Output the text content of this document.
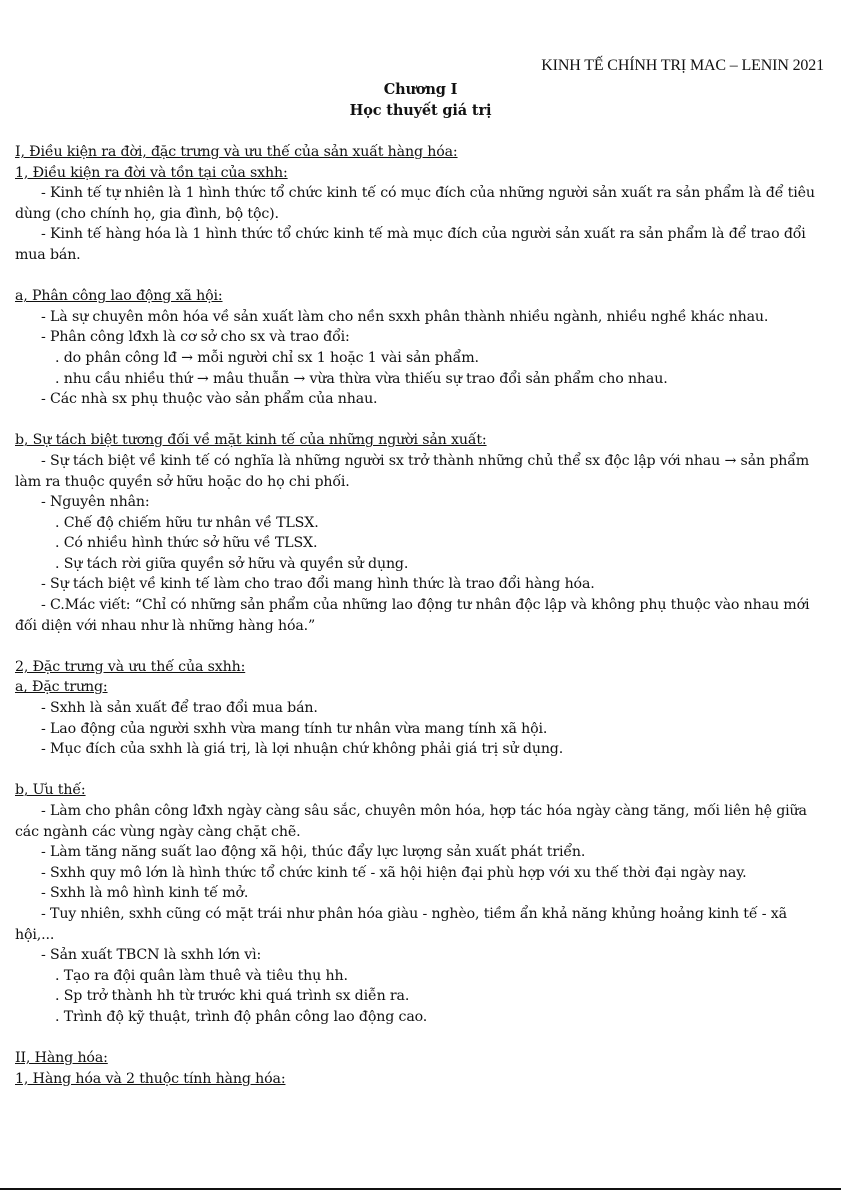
KINH TẾ CHÍNH TRỊ MAC – LENIN 2021
Chương I
Học thuyết giá trị

I, Điều kiện ra đời, đặc trưng và ưu thế của sản xuất hàng hóa:

1, Điều kiện ra đời và tồn tại của sxhh:

- Kinh tế tự nhiên là 1 hình thức tổ chức kinh tế có mục đích của những người sản xuất ra sản phẩm là để tiêu dùng (cho chính họ, gia đình, bộ tộc).

- Kinh tế hàng hóa là 1 hình thức tổ chức kinh tế mà mục đích của người sản xuất ra sản phẩm là để trao đổi mua bán.

a, Phân công lao động xã hội:

- Là sự chuyên môn hóa về sản xuất làm cho nền sxxh phân thành nhiều ngành, nhiều nghề khác nhau.

- Phân công lđxh là cơ sở cho sx và trao đổi:

. do phân công lđ → mỗi người chỉ sx 1 hoặc 1 vài sản phẩm.

. nhu cầu nhiều thứ → mâu thuẫn → vừa thừa vừa thiếu sự trao đổi sản phẩm cho nhau.

- Các nhà sx phụ thuộc vào sản phẩm của nhau.

b, Sự tách biệt tương đối về mặt kinh tế của những người sản xuất:

- Sự tách biệt về kinh tế có nghĩa là những người sx trở thành những chủ thể sx độc lập với nhau → sản phẩm làm ra thuộc quyền sở hữu hoặc do họ chi phối.

- Nguyên nhân:

. Chế độ chiếm hữu tư nhân về TLSX.

. Có nhiều hình thức sở hữu về TLSX.

. Sự tách rời giữa quyền sở hữu và quyền sử dụng.

- Sự tách biệt về kinh tế làm cho trao đổi mang hình thức là trao đổi hàng hóa.

- C.Mác viết: “Chỉ có những sản phẩm của những lao động tư nhân độc lập và không phụ thuộc vào nhau mới đối diện với nhau như là những hàng hóa.”

2, Đặc trưng và ưu thế của sxhh:

a, Đặc trưng:

- Sxhh là sản xuất để trao đổi mua bán.

- Lao động của người sxhh vừa mang tính tư nhân vừa mang tính xã hội.

- Mục đích của sxhh là giá trị, là lợi nhuận chứ không phải giá trị sử dụng.

b, Ưu thế:

- Làm cho phân công lđxh ngày càng sâu sắc, chuyên môn hóa, hợp tác hóa ngày càng tăng, mối liên hệ giữa các ngành các vùng ngày càng chặt chẽ.

- Làm tăng năng suất lao động xã hội, thúc đẩy lực lượng sản xuất phát triển.

- Sxhh quy mô lớn là hình thức tổ chức kinh tế - xã hội hiện đại phù hợp với xu thế thời đại ngày nay.

- Sxhh là mô hình kinh tế mở.

- Tuy nhiên, sxhh cũng có mặt trái như phân hóa giàu - nghèo, tiềm ẩn khả năng khủng hoảng kinh tế - xã hội,...

- Sản xuất TBCN là sxhh lớn vì:

. Tạo ra đội quân làm thuê và tiêu thụ hh.

. Sp trở thành hh từ trước khi quá trình sx diễn ra.

. Trình độ kỹ thuật, trình độ phân công lao động cao.

II, Hàng hóa:

1, Hàng hóa và 2 thuộc tính hàng hóa:
